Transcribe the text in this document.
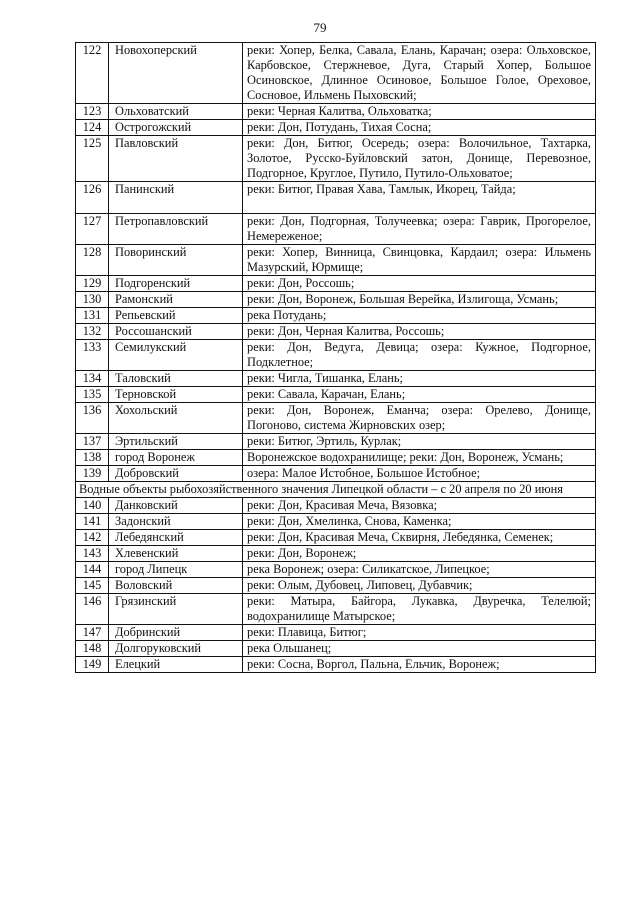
79
122	Новохоперский	реки: Хопер, Белка, Савала, Елань, Карачан; озера: Ольховское, Карбовское, Стержневое, Дуга, Старый Хопер, Большое Осиновское, Длинное Осиновое, Большое Голое, Ореховое, Сосновое, Ильмень Пыховский;
123	Ольховатский	реки: Черная Калитва, Ольховатка;
124	Острогожский	реки: Дон, Потудань, Тихая Сосна;
125	Павловский	реки: Дон, Битюг, Осередь; озера: Волочильное, Тахтарка, Золотое, Русско-Буйловский затон, Донище, Перевозное, Подгорное, Круглое, Путило, Путило-Ольховатое;
126	Панинский	реки: Битюг, Правая Хава, Тамлык, Икорец, Тайда;
127	Петропавловский	реки: Дон, Подгорная, Толучеевка; озера: Гаврик, Прогорелое, Немереженое;
128	Поворинский	реки: Хопер, Винница, Свинцовка, Кардаил; озера: Ильмень Мазурский, Юрмище;
129	Подгоренский	реки: Дон, Россошь;
130	Рамонский	реки: Дон, Воронеж, Большая Верейка, Излигоща, Усмань;
131	Репьевский	река Потудань;
132	Россошанский	реки: Дон, Черная Калитва, Россошь;
133	Семилукский	реки: Дон, Ведуга, Девица; озера: Кужное, Подгорное, Подклетное;
134	Таловский	реки: Чигла, Тишанка, Елань;
135	Терновской	реки: Савала, Карачан, Елань;
136	Хохольский	реки: Дон, Воронеж, Еманча; озера: Орелево, Донище, Погоново, система Жирновских озер;
137	Эртильский	реки: Битюг, Эртиль, Курлак;
138	город Воронеж	Воронежское водохранилище; реки: Дон, Воронеж, Усмань;
139	Добровский	озера: Малое Истобное, Большое Истобное;
Водные объекты рыбохозяйственного значения Липецкой области – с 20 апреля по 20 июня		
140	Данковский	реки: Дон, Красивая Меча, Вязовка;
141	Задонский	реки: Дон, Хмелинка, Снова, Каменка;
142	Лебедянский	реки: Дон, Красивая Меча, Сквирня, Лебедянка, Семенек;
143	Хлевенский	реки: Дон, Воронеж;
144	город Липецк	река Воронеж; озера: Силикатское, Липецкое;
145	Воловский	реки: Олым, Дубовец, Липовец, Дубавчик;
146	Грязинский	реки: Матыра, Байгора, Лукавка, Двуречка, Телелюй; водохранилище Матырское;
147	Добринский	реки: Плавица, Битюг;
148	Долгоруковский	река Ольшанец;
149	Елецкий	реки: Сосна, Воргол, Пальна, Ельчик, Воронеж;
